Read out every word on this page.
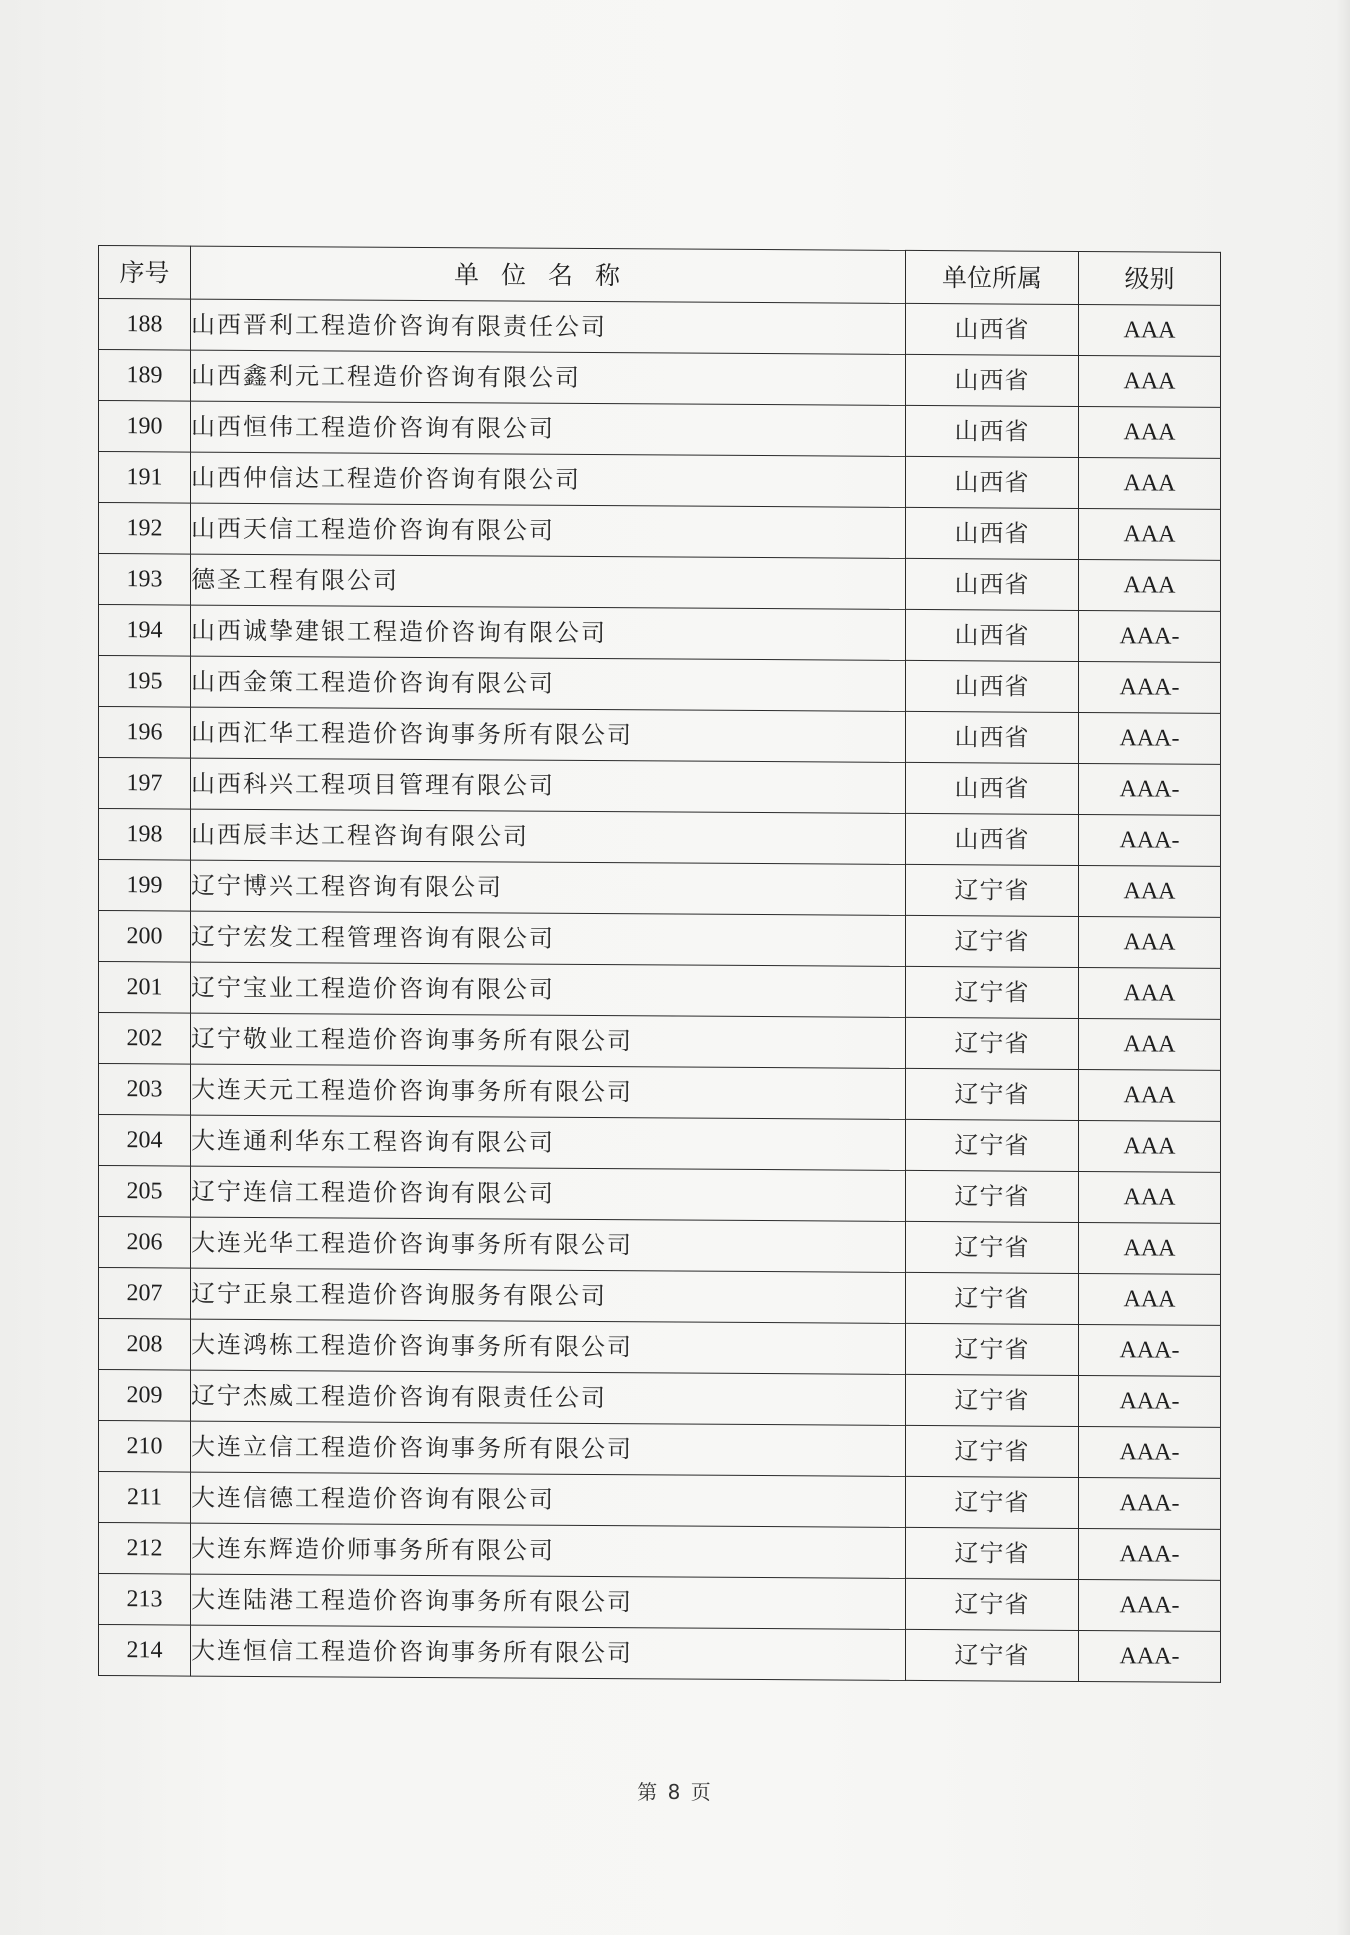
序号	单位名称	单位所属	级别
188	山西晋利工程造价咨询有限责任公司	山西省	AAA
189	山西鑫利元工程造价咨询有限公司	山西省	AAA
190	山西恒伟工程造价咨询有限公司	山西省	AAA
191	山西仲信达工程造价咨询有限公司	山西省	AAA
192	山西天信工程造价咨询有限公司	山西省	AAA
193	德圣工程有限公司	山西省	AAA
194	山西诚挚建银工程造价咨询有限公司	山西省	AAA-
195	山西金策工程造价咨询有限公司	山西省	AAA-
196	山西汇华工程造价咨询事务所有限公司	山西省	AAA-
197	山西科兴工程项目管理有限公司	山西省	AAA-
198	山西辰丰达工程咨询有限公司	山西省	AAA-
199	辽宁博兴工程咨询有限公司	辽宁省	AAA
200	辽宁宏发工程管理咨询有限公司	辽宁省	AAA
201	辽宁宝业工程造价咨询有限公司	辽宁省	AAA
202	辽宁敬业工程造价咨询事务所有限公司	辽宁省	AAA
203	大连天元工程造价咨询事务所有限公司	辽宁省	AAA
204	大连通利华东工程咨询有限公司	辽宁省	AAA
205	辽宁连信工程造价咨询有限公司	辽宁省	AAA
206	大连光华工程造价咨询事务所有限公司	辽宁省	AAA
207	辽宁正泉工程造价咨询服务有限公司	辽宁省	AAA
208	大连鸿栋工程造价咨询事务所有限公司	辽宁省	AAA-
209	辽宁杰威工程造价咨询有限责任公司	辽宁省	AAA-
210	大连立信工程造价咨询事务所有限公司	辽宁省	AAA-
211	大连信德工程造价咨询有限公司	辽宁省	AAA-
212	大连东辉造价师事务所有限公司	辽宁省	AAA-
213	大连陆港工程造价咨询事务所有限公司	辽宁省	AAA-
214	大连恒信工程造价咨询事务所有限公司	辽宁省	AAA-
第 8 页
